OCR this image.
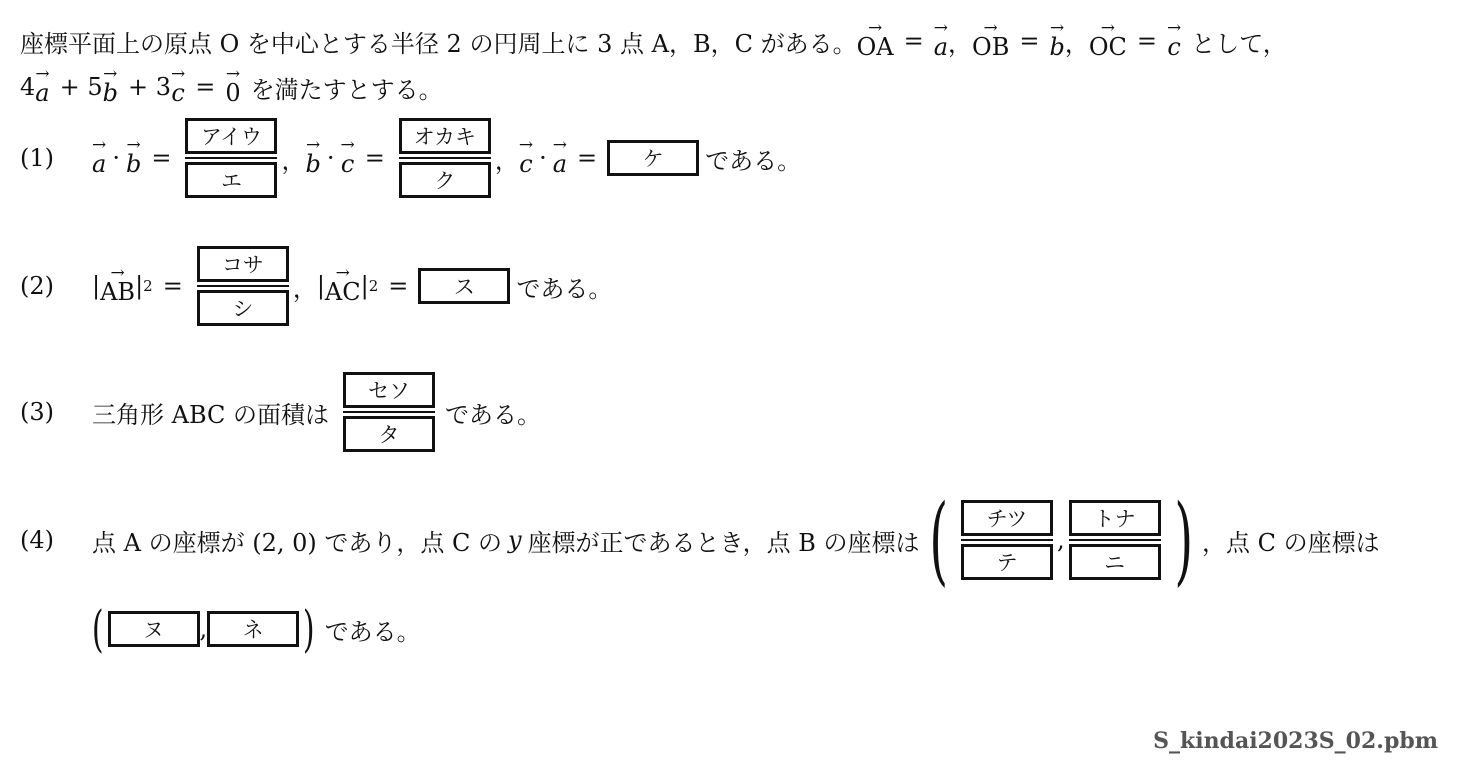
座標平面上の原点 O を中心とする半径 2 の円周上に 3 点 A，B，C がある。
→
OA = →
a ，
→
OB = →
b ，
→
OC = →
c として，
4 →
a + 5 →
b + 3 →
c = →
0 を満たすとする。
(1)	→
a · →
$b = \frac{\text{アイウ}}{\text{エ}}$ ，
→
b · →
$c = \frac{\text{オカキ}}{\text{ク}}$ ，
→
c · →
a =	ケ	である。
(2)	| →
AB | $2 = \frac{\text{コサ}}{\text{シ}}$ ， | →
AC | 2 =	ス	である。
(3)	三角形 ABC の面積は $\frac{\text{セソ}}{\text{タ}}$ である。
(4)	点 A の座標が (2, 0) であり，点 C の y 座標が正であるとき，点 B の座標は ( $\frac{\text{チツ}}{\text{テ}}$ , $\frac{\text{トナ}}{\text{ニ}}$ ) ，点 C の座標は
(	ヌ	,	ネ ) である。
S_kindai2023S_02.pbm
